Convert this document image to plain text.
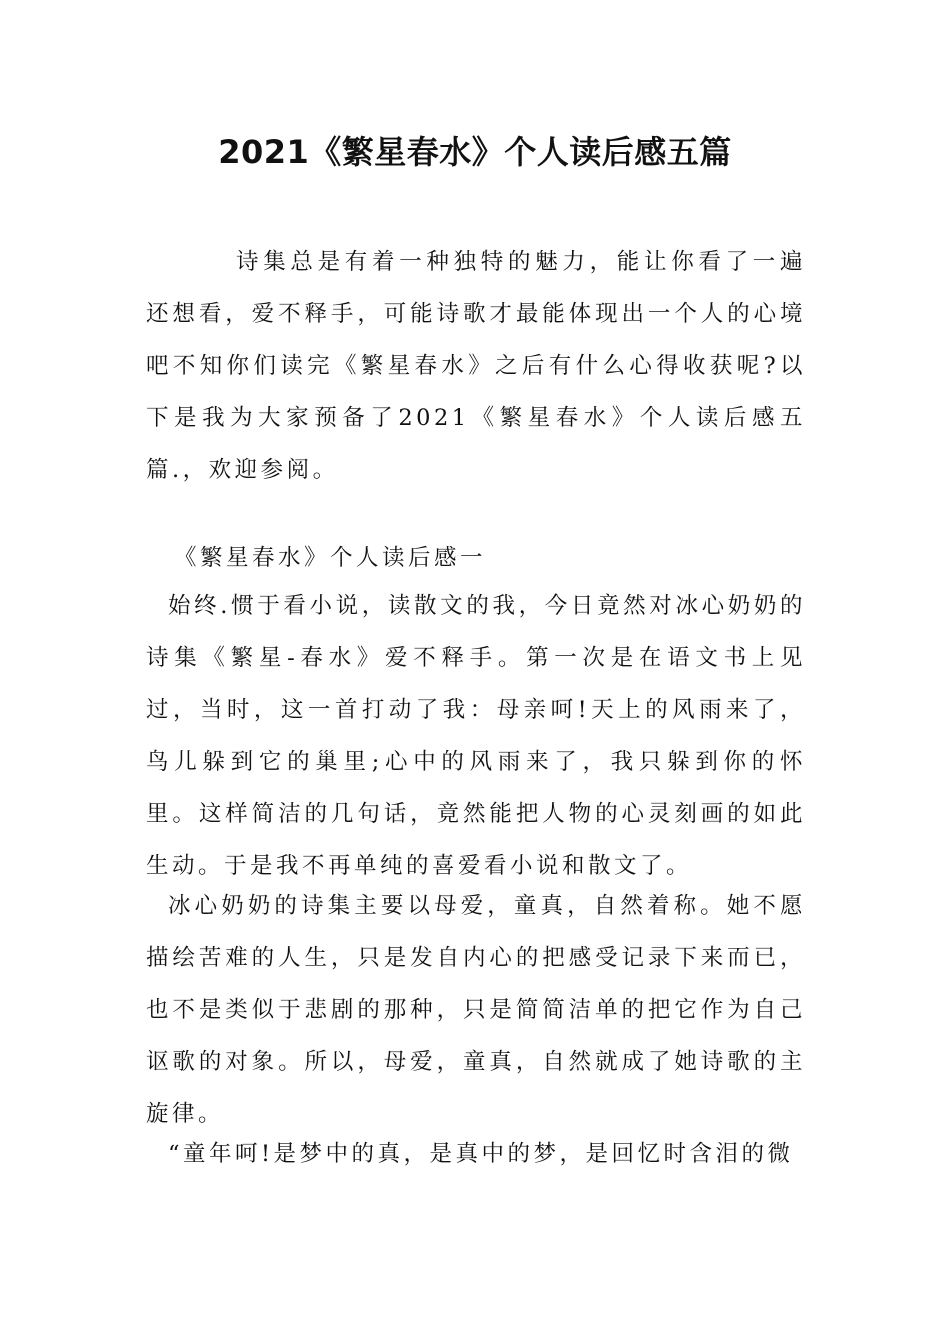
2021《繁星春水》个人读后感五篇

诗集总是有着一种独特的魅力，能让你看了一遍还想看，爱不释手，可能诗歌才最能体现出一个人的心境吧不知你们读完《繁星春水》之后有什么心得收获呢?以下是我为大家预备了2021《繁星春水》个人读后感五篇.，欢迎参阅。

《繁星春水》个人读后感一

始终.惯于看小说，读散文的我，今日竟然对冰心奶奶的诗集《繁星-春水》爱不释手。第一次是在语文书上见过，当时，这一首打动了我：母亲呵!天上的风雨来了，鸟儿躲到它的巢里;心中的风雨来了，我只躲到你的怀里。这样简洁的几句话，竟然能把人物的心灵刻画的如此生动。于是我不再单纯的喜爱看小说和散文了。

冰心奶奶的诗集主要以母爱，童真，自然着称。她不愿描绘苦难的人生，只是发自内心的把感受记录下来而已，也不是类似于悲剧的那种，只是简简洁单的把它作为自己讴歌的对象。所以，母爱，童真，自然就成了她诗歌的主旋律。

“童年呵!是梦中的真，是真中的梦，是回忆时含泪的微
